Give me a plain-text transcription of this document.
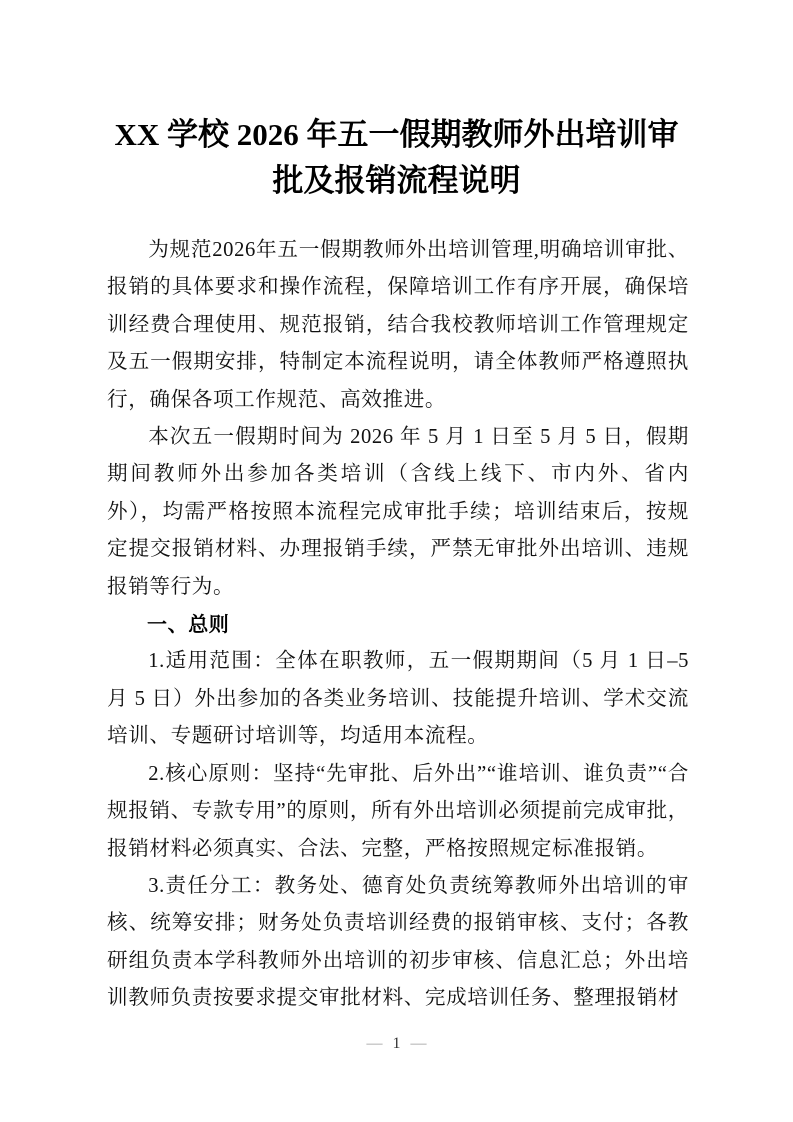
XX 学校 2026 年五一假期教师外出培训审
批及报销流程说明

为规范2026年五一假期教师外出培训管理,明确培训审批、报销的具体要求和操作流程，保障培训工作有序开展，确保培训经费合理使用、规范报销，结合我校教师培训工作管理规定及五一假期安排，特制定本流程说明，请全体教师严格遵照执行，确保各项工作规范、高效推进。

本次五一假期时间为 2026 年 5 月 1 日至 5 月 5 日，假期期间教师外出参加各类培训（含线上线下、市内外、省内外），均需严格按照本流程完成审批手续；培训结束后，按规定提交报销材料、办理报销手续，严禁无审批外出培训、违规报销等行为。

一、总则

1.适用范围：全体在职教师，五一假期期间（5 月 1 日–5 月 5 日）外出参加的各类业务培训、技能提升培训、学术交流培训、专题研讨培训等，均适用本流程。

2.核心原则：坚持“先审批、后外出”“谁培训、谁负责”“合规报销、专款专用”的原则，所有外出培训必须提前完成审批，报销材料必须真实、合法、完整，严格按照规定标准报销。

3.责任分工：教务处、德育处负责统筹教师外出培训的审核、统筹安排；财务处负责培训经费的报销审核、支付；各教研组负责本学科教师外出培训的初步审核、信息汇总；外出培训教师负责按要求提交审批材料、完成培训任务、整理报销材

— 1 —
